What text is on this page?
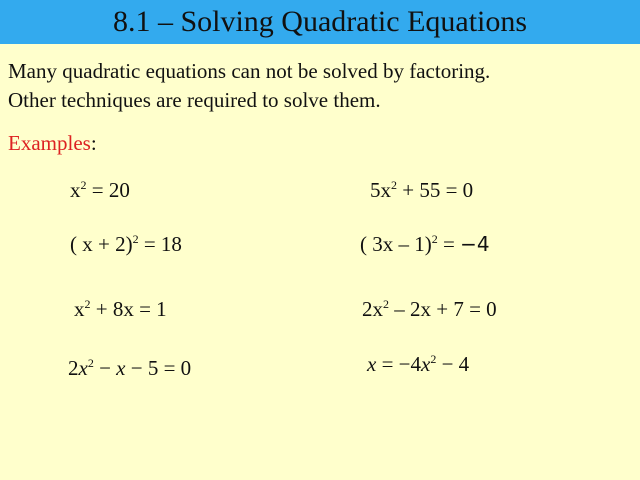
8.1 – Solving Quadratic Equations
Many quadratic equations can not be solved by factoring.
Other techniques are required to solve them.
Examples:
$x^2 = 20$	$5x^2 + 55 = 0$
( x + 2)$^2$ = 18	( 3x – 1)$^2$ = −4
$x^2 + 8x = 1$	$2x^2 - 2x + 7 = 0$
$2x^2 - x - 5 = 0$	$x = -4x^2 - 4$
